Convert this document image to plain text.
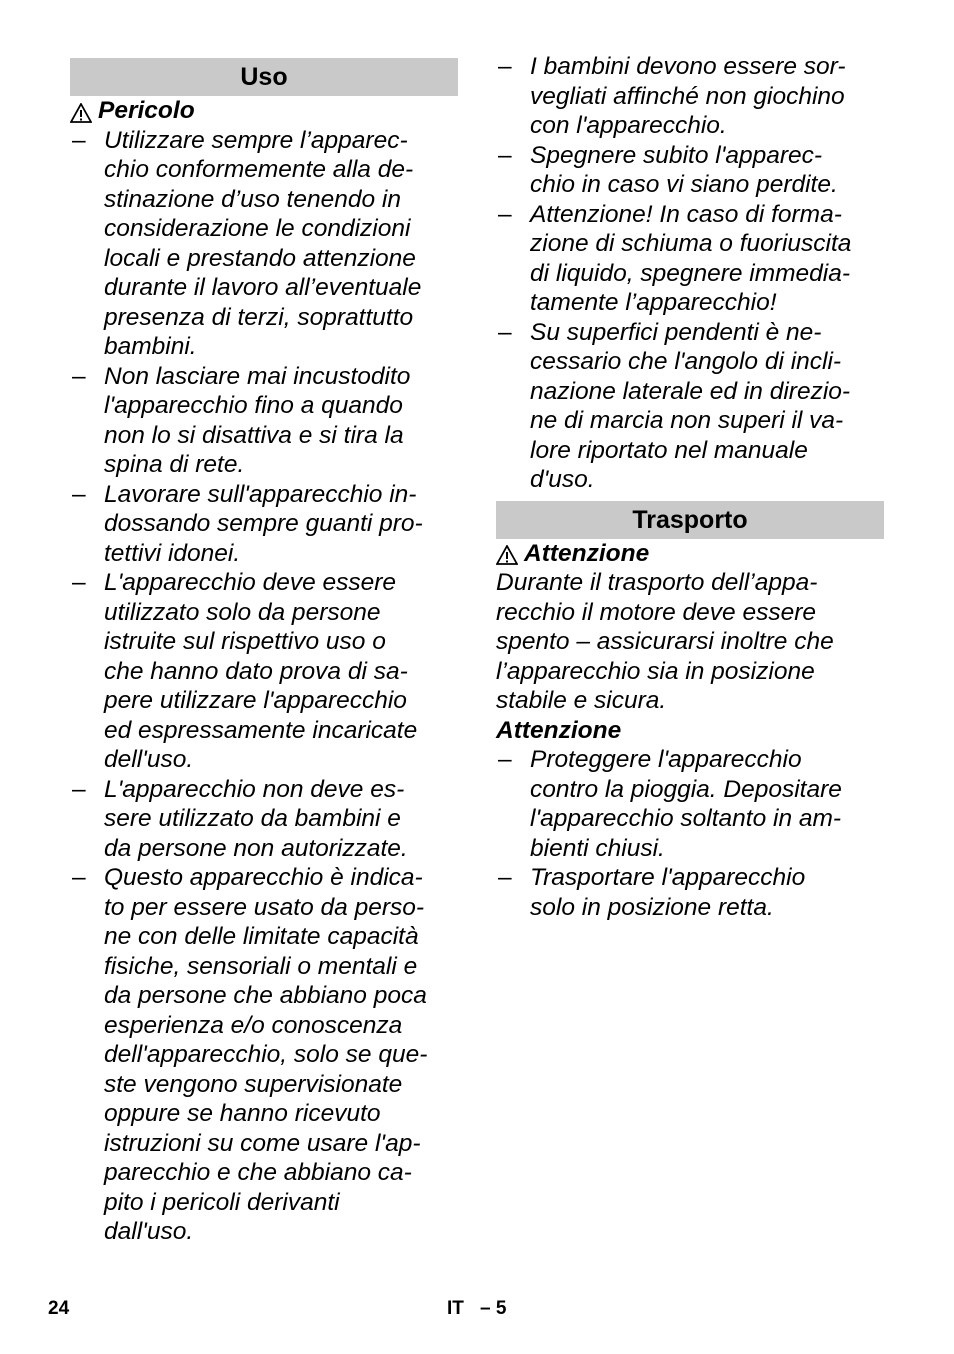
Uso
Pericolo
– Utilizzare sempre l’apparec-
chio conformemente alla de-
stinazione d’uso tenendo in
considerazione le condizioni
locali e prestando attenzione
durante il lavoro all’eventuale
presenza di terzi, soprattutto
bambini.
– Non lasciare mai incustodito
l'apparecchio fino a quando
non lo si disattiva e si tira la
spina di rete.
– Lavorare sull'apparecchio in-
dossando sempre guanti pro-
tettivi idonei.
– L'apparecchio deve essere
utilizzato solo da persone
istruite sul rispettivo uso o
che hanno dato prova di sa-
pere utilizzare l'apparecchio
ed espressamente incaricate
dell'uso.
– L'apparecchio non deve es-
sere utilizzato da bambini e
da persone non autorizzate.
– Questo apparecchio è indica-
to per essere usato da perso-
ne con delle limitate capacità
fisiche, sensoriali o mentali e
da persone che abbiano poca
esperienza e/o conoscenza
dell'apparecchio, solo se que-
ste vengono supervisionate
oppure se hanno ricevuto
istruzioni su come usare l'ap-
parecchio e che abbiano ca-
pito i pericoli derivanti
dall'uso.
– I bambini devono essere sor-
vegliati affinché non giochino
con l'apparecchio.
– Spegnere subito l'apparec-
chio in caso vi siano perdite.
– Attenzione! In caso di forma-
zione di schiuma o fuoriuscita
di liquido, spegnere immedia-
tamente l’apparecchio!
– Su superfici pendenti è ne-
cessario che l'angolo di incli-
nazione laterale ed in direzio-
ne di marcia non superi il va-
lore riportato nel manuale
d'uso.
Trasporto
Attenzione
Durante il trasporto dell’appa-
recchio il motore deve essere
spento – assicurarsi inoltre che
l’apparecchio sia in posizione
stabile e sicura.
Attenzione
– Proteggere l'apparecchio
contro la pioggia. Depositare
l'apparecchio soltanto in am-
bienti chiusi.
– Trasportare l'apparecchio
solo in posizione retta.
24	IT – 5
